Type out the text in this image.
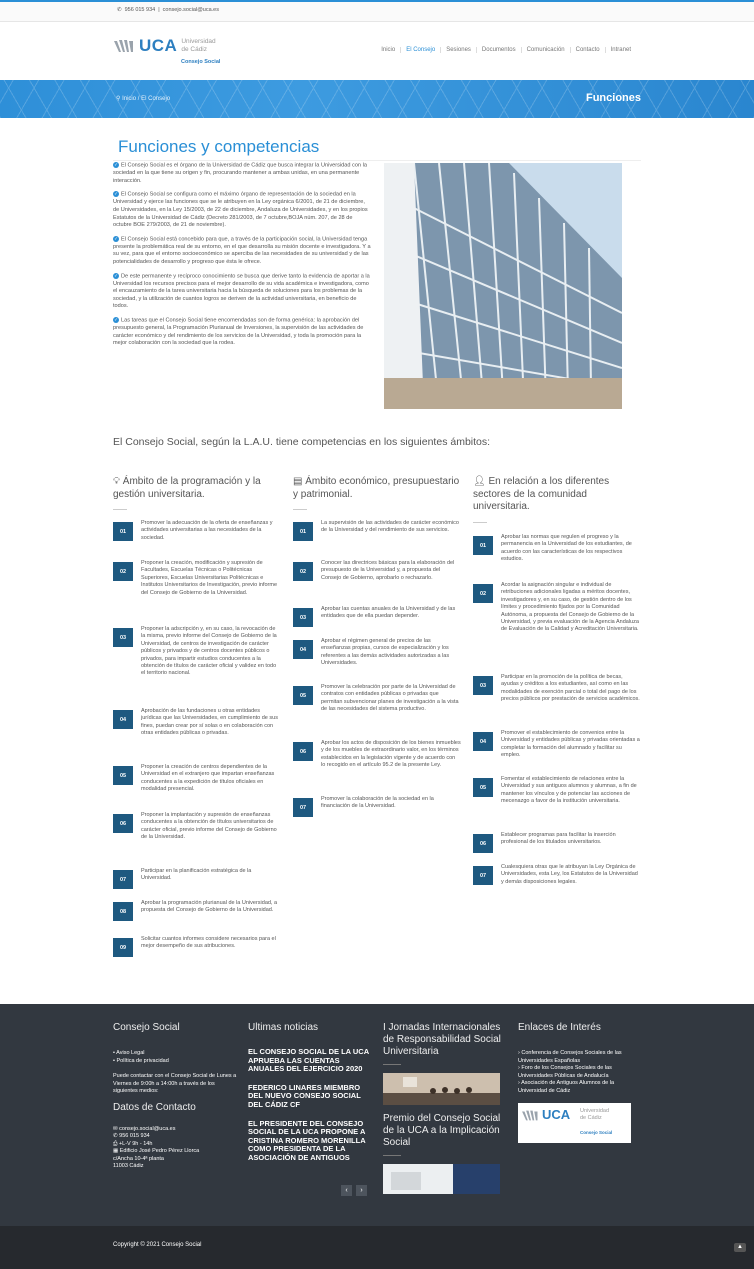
✆ 956 015 934 | consejo.social@uca.es
UCA Universidad
de Cádiz
Consejo Social
Inicio	El Consejo	Sesiones	Documentos	Comunicación	Contacto	Intranet
⚲ Inicio / El Consejo	Funciones
Funciones y competencias

✓ El Consejo Social es el órgano de la Universidad de Cádiz que busca integrar la Universidad con la sociedad en la que tiene su origen y fin, procurando mantener a ambas unidas, en una permanente interacción.

✓ El Consejo Social se configura como el máximo órgano de representación de la sociedad en la Universidad y ejerce las funciones que se le atribuyen en la Ley orgánica 6/2001, de 21 de diciembre, de Universidades, en la Ley 15/2003, de 22 de diciembre, Andaluza de Universidades, y en los propios Estatutos de la Universidad de Cádiz (Decreto 281/2003, de 7 octubre,BOJA núm. 207, de 28 de octubre BOE 279/2003, de 21 de noviembre).

✓ El Consejo Social está concebido para que, a través de la participación social, la Universidad tenga presente la problemática real de su entorno, en el que desarrolla su misión docente e investigadora. Y a su vez, para que el entorno socioeconómico se aperciba de las necesidades de su universidad y de las potencialidades de desarrollo y progreso que ésta le ofrece.

✓ De este permanente y recíproco conocimiento se busca que derive tanto la evidencia de aportar a la Universidad los recursos precisos para el mejor desarrollo de su vida académica e investigadora, como el encauzamiento de la tarea universitaria hacia la búsqueda de soluciones para los problemas de la sociedad, y la utilización de cuantos logros se deriven de la actividad universitaria, en beneficio de todos.

✓ Las tareas que el Consejo Social tiene encomendadas son de forma genérica: la aprobación del presupuesto general, la Programación Plurianual de Inversiones, la supervisión de las actividades de carácter económico y del rendimiento de los servicios de la Universidad, y toda la promoción para la mejor colaboración con la sociedad que la rodea.

El Consejo Social, según la L.A.U. tiene competencias en los siguientes ámbitos:
💡︎ Ámbito de la programación y la gestión universitaria.
01
Promover la adecuación de la oferta de enseñanzas y actividades universitarias a las necesidades de la sociedad.
02
Proponer la creación, modificación y supresión de Facultades, Escuelas Técnicas o Politécnicas Superiores, Escuelas Universitarias Politécnicas e Institutos Universitarios de Investigación, previo informe del Consejo de Gobierno de la Universidad.
03
Proponer la adscripción y, en su caso, la revocación de la misma, previo informe del Consejo de Gobierno de la Universidad, de centros de investigación de carácter públicos y privados y de centros docentes públicos o privados, para impartir estudios conducentes a la obtención de títulos de carácter oficial y validez en todo el territorio nacional.
04
Aprobación de las fundaciones u otras entidades jurídicas que las Universidades, en cumplimiento de sus fines, puedan crear por sí solas o en colaboración con otras entidades públicas o privadas.
05
Proponer la creación de centros dependientes de la Universidad en el extranjero que impartan enseñanzas conducentes a la expedición de títulos oficiales en modalidad presencial.
06
Proponer la implantación y supresión de enseñanzas conducentes a la obtención de títulos universitarios de carácter oficial, previo informe del Consejo de Gobierno de la Universidad.
07
Participar en la planificación estratégica de la Universidad.
08
Aprobar la programación plurianual de la Universidad, a propuesta del Consejo de Gobierno de la Universidad.
09
Solicitar cuantos informes considere necesarios para el mejor desempeño de sus atribuciones.
▤ Ámbito económico, presupuestario y patrimonial.
01
La supervisión de las actividades de carácter económico de la Universidad y del rendimiento de sus servicios.
02
Conocer las directrices básicas para la elaboración del presupuesto de la Universidad y, a propuesta del Consejo de Gobierno, aprobarlo o rechazarlo.
03
Aprobar las cuentas anuales de la Universidad y de las entidades que de ella puedan depender.
04
Aprobar el régimen general de precios de las enseñanzas propias, cursos de especialización y los referentes a las demás actividades autorizadas a las Universidades.
05
Promover la celebración por parte de la Universidad de contratos con entidades públicas o privadas que permitan subvencionar planes de investigación a la vista de las necesidades del sistema productivo.
06
Aprobar los actos de disposición de los bienes inmuebles y de los muebles de extraordinario valor, en los términos establecidos en la legislación vigente y de acuerdo con lo recogido en el artículo 95.2 de la presente Ley.
07
Promover la colaboración de la sociedad en la financiación de la Universidad.
👤︎ En relación a los diferentes sectores de la comunidad universitaria.
01
Aprobar las normas que regulen el progreso y la permanencia en la Universidad de los estudiantes, de acuerdo con las características de los respectivos estudios.
02
Acordar la asignación singular e individual de retribuciones adicionales ligadas a méritos docentes, investigadores y, en su caso, de gestión dentro de los límites y procedimiento fijados por la Comunidad Autónoma, a propuesta del Consejo de Gobierno de la Universidad, y previa evaluación de la Agencia Andaluza de Evaluación de la Calidad y Acreditación Universitaria.
03
Participar en la promoción de la política de becas, ayudas y créditos a los estudiantes, así como en las modalidades de exención parcial o total del pago de los precios públicos por prestación de servicios académicos.
04
Promover el establecimiento de convenios entre la Universidad y entidades públicas y privadas orientadas a completar la formación del alumnado y facilitar su empleo.
05
Fomentar el establecimiento de relaciones entre la Universidad y sus antiguos alumnos y alumnas, a fin de mantener los vínculos y de potenciar las acciones de mecenazgo a favor de la institución universitaria.
06
Establecer programas para facilitar la inserción profesional de los titulados universitarios.
07
Cualesquiera otras que le atribuyan la Ley Orgánica de Universidades, esta Ley, los Estatutos de la Universidad y demás disposiciones legales.
Consejo Social
• Aviso Legal
• Política de privacidad
Puede contactar con el Consejo Social de Lunes a Viernes de 9:00h a 14:00h a través de los siguientes medios:
Datos de Contacto
✉ consejo.social@uca.es
✆ 956 015 934
⎙ +L-V 9h - 14h
▦ Edificio José Pedro Pérez Llorca
c/Ancha 10-4ª planta
11003 Cádiz
Ultimas noticias
EL CONSEJO SOCIAL DE LA UCA APRUEBA LAS CUENTAS ANUALES DEL EJERCICIO 2020
FEDERICO LINARES MIEMBRO DEL NUEVO CONSEJO SOCIAL DEL CÁDIZ CF
EL PRESIDENTE DEL CONSEJO SOCIAL DE LA UCA PROPONE A CRISTINA ROMERO MORENILLA COMO PRESIDENTA DE LA ASOCIACIÓN DE ANTIGUOS
‹ ›
I Jornadas Internacionales de Responsabilidad Social Universitaria
Premio del Consejo Social de la UCA a la Implicación Social
Enlaces de Interés
› Conferencia de Consejos Sociales de las Universidades Españolas
› Foro de los Consejos Sociales de las Universidades Públicas de Andalucía
› Asociación de Antiguos Alumnos de la Universidad de Cádiz
UCA Universidad
de Cádiz
Consejo Social
Copyright © 2021 Consejo Social	▲
